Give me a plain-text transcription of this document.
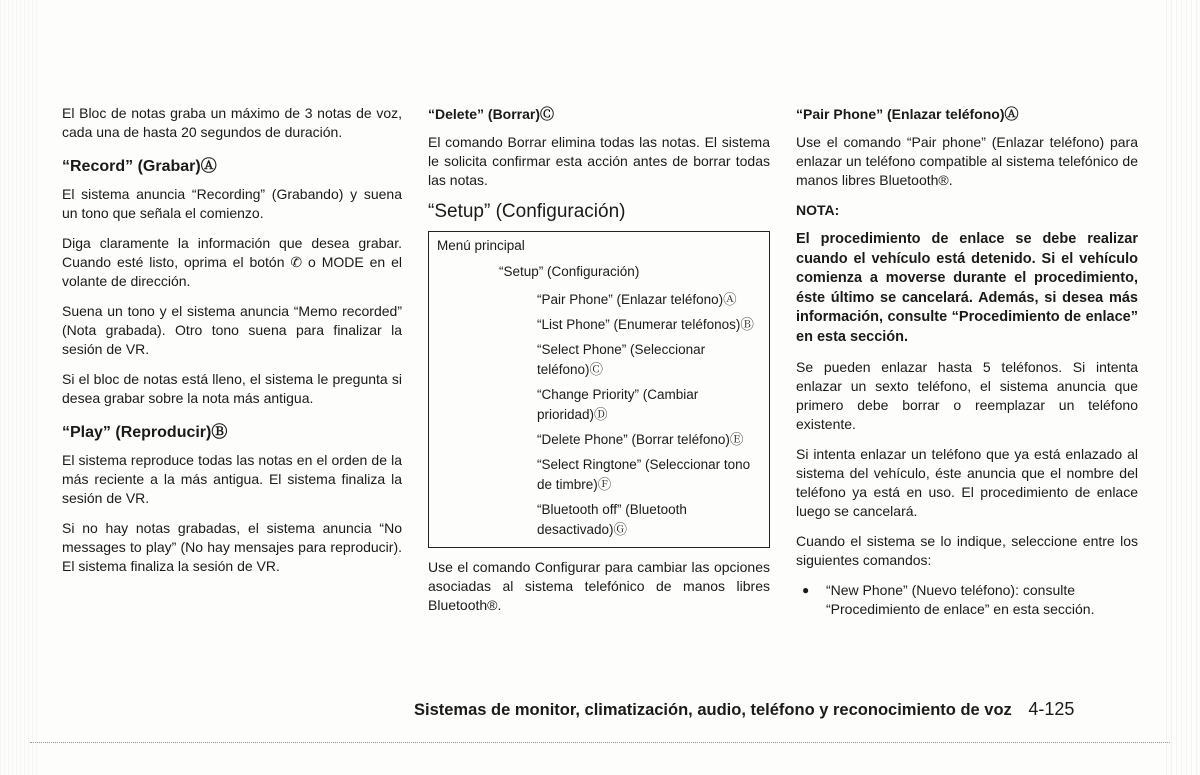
El Bloc de notas graba un máximo de 3 notas de voz, cada una de hasta 20 segundos de duración.

“Record” (Grabar)Ⓐ

El sistema anuncia “Recording” (Grabando) y suena un tono que señala el comienzo.

Diga claramente la información que desea grabar. Cuando esté listo, oprima el botón ✆ o MODE en el volante de dirección.

Suena un tono y el sistema anuncia “Memo recorded” (Nota grabada). Otro tono suena para finalizar la sesión de VR.

Si el bloc de notas está lleno, el sistema le pregunta si desea grabar sobre la nota más antigua.

“Play” (Reproducir)Ⓑ

El sistema reproduce todas las notas en el orden de la más reciente a la más antigua. El sistema finaliza la sesión de VR.

Si no hay notas grabadas, el sistema anuncia “No messages to play” (No hay mensajes para reproducir). El sistema finaliza la sesión de VR.

“Delete” (Borrar)Ⓒ

El comando Borrar elimina todas las notas. El sistema le solicita confirmar esta acción antes de borrar todas las notas.

“Setup” (Configuración)
Menú principal
“Setup” (Configuración)
“Pair Phone” (Enlazar teléfono)Ⓐ
“List Phone” (Enumerar teléfonos)Ⓑ
“Select Phone” (Seleccionar teléfono)Ⓒ
“Change Priority” (Cambiar prioridad)Ⓓ
“Delete Phone” (Borrar teléfono)Ⓔ
“Select Ringtone” (Seleccionar tono de timbre)Ⓕ
“Bluetooth off” (Bluetooth desactivado)Ⓖ

Use el comando Configurar para cambiar las opciones asociadas al sistema telefónico de manos libres Bluetooth®.

“Pair Phone” (Enlazar teléfono)Ⓐ

Use el comando “Pair phone” (Enlazar teléfono) para enlazar un teléfono compatible al sistema telefónico de manos libres Bluetooth®.

NOTA:

El procedimiento de enlace se debe realizar cuando el vehículo está detenido. Si el vehículo comienza a moverse durante el procedimiento, éste último se cancelará. Además, si desea más información, consulte “Procedimiento de enlace” en esta sección.

Se pueden enlazar hasta 5 teléfonos. Si intenta enlazar un sexto teléfono, el sistema anuncia que primero debe borrar o reemplazar un teléfono existente.

Si intenta enlazar un teléfono que ya está enlazado al sistema del vehículo, éste anuncia que el nombre del teléfono ya está en uso. El procedimiento de enlace luego se cancelará.

Cuando el sistema se lo indique, seleccione entre los siguientes comandos:

●	“New Phone” (Nuevo teléfono): consulte “Procedimiento de enlace” en esta sección.
Sistemas de monitor, climatización, audio, teléfono y reconocimiento de voz 4-125
